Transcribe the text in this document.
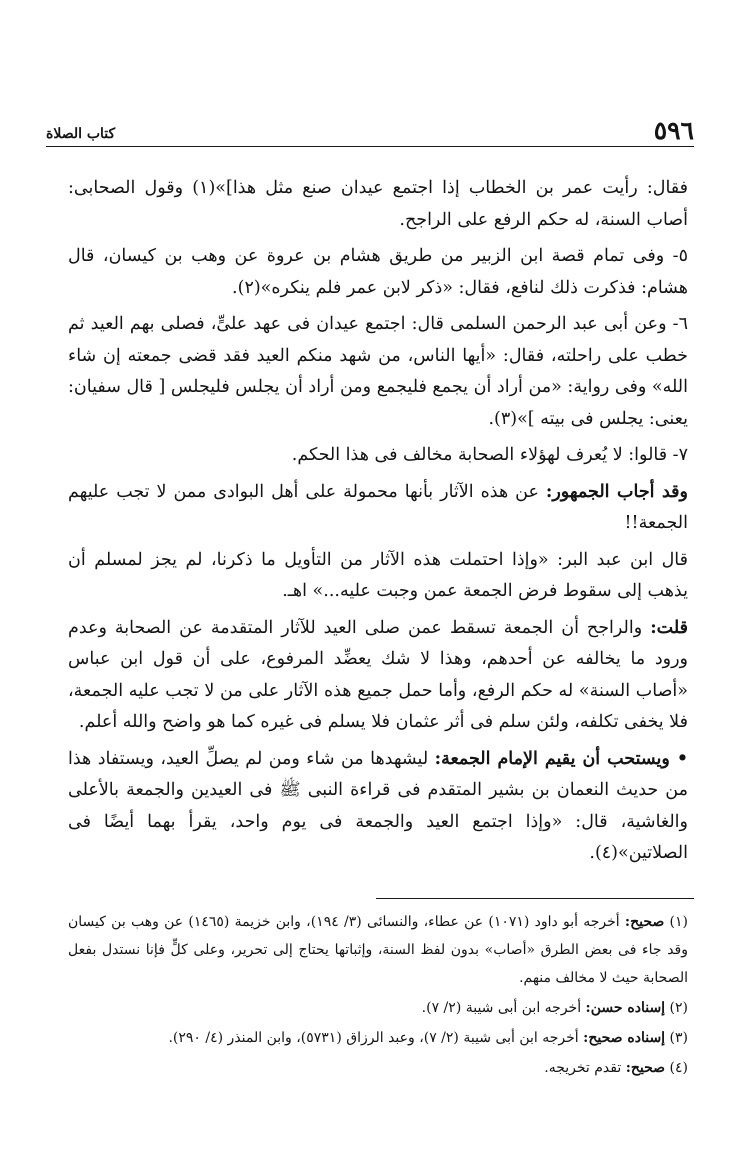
٥٩٦
كتاب الصلاة

فقال: رأيت عمر بن الخطاب إذا اجتمع عيدان صنع مثل هذا]»(١) وقول الصحابى: أصاب السنة، له حكم الرفع على الراجح.

٥- وفى تمام قصة ابن الزبير من طريق هشام بن عروة عن وهب بن كيسان، قال هشام: فذكرت ذلك لنافع، فقال: «ذكر لابن عمر فلم ينكره»(٢).

٦- وعن أبى عبد الرحمن السلمى قال: اجتمع عيدان فى عهد علىٍّ، فصلى بهم العيد ثم خطب على راحلته، فقال: «أيها الناس، من شهد منكم العيد فقد قضى جمعته إن شاء الله» وفى رواية: «من أراد أن يجمع فليجمع ومن أراد أن يجلس فليجلس [ قال سفيان: يعنى: يجلس فى بيته ]»(٣).

٧- قالوا: لا يُعرف لهؤلاء الصحابة مخالف فى هذا الحكم.

وقد أجاب الجمهور: عن هذه الآثار بأنها محمولة على أهل البوادى ممن لا تجب عليهم الجمعة!!

قال ابن عبد البر: «وإذا احتملت هذه الآثار من التأويل ما ذكرنا، لم يجز لمسلم أن يذهب إلى سقوط فرض الجمعة عمن وجبت عليه...» اهـ.

قلت: والراجح أن الجمعة تسقط عمن صلى العيد للآثار المتقدمة عن الصحابة وعدم ورود ما يخالفه عن أحدهم، وهذا لا شك يعضِّد المرفوع، على أن قول ابن عباس «أصاب السنة» له حكم الرفع، وأما حمل جميع هذه الآثار على من لا تجب عليه الجمعة، فلا يخفى تكلفه، ولئن سلم فى أثر عثمان فلا يسلم فى غيره كما هو واضح والله أعلم.

• ويستحب أن يقيم الإمام الجمعة: ليشهدها من شاء ومن لم يصلِّ العيد، ويستفاد هذا من حديث النعمان بن بشير المتقدم فى قراءة النبى ﷺ فى العيدين والجمعة بالأعلى والغاشية، قال: «وإذا اجتمع العيد والجمعة فى يوم واحد، يقرأ بهما أيضًا فى الصلاتين»(٤).

(١) صحيح: أخرجه أبو داود (١٠٧١) عن عطاء، والنسائى (٣/ ١٩٤)، وابن خزيمة (١٤٦٥) عن وهب بن كيسان وقد جاء فى بعض الطرق «أصاب» بدون لفظ السنة، وإثباتها يحتاج إلى تحرير، وعلى كلٍّ فإنا نستدل بفعل الصحابة حيث لا مخالف منهم.

(٢) إسناده حسن: أخرجه ابن أبى شيبة (٢/ ٧).

(٣) إسناده صحيح: أخرجه ابن أبى شيبة (٢/ ٧)، وعبد الرزاق (٥٧٣١)، وابن المنذر (٤/ ٢٩٠).

(٤) صحيح: تقدم تخريجه.
